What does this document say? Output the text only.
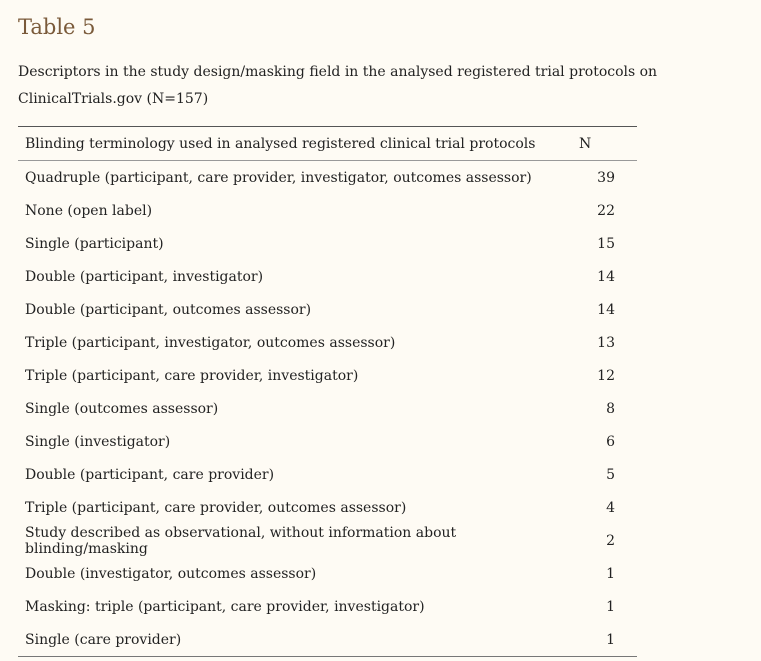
Table 5

Descriptors in the study design/masking field in the analysed registered trial protocols on ClinicalTrials.gov (N=157)

Blinding terminology used in analysed registered clinical trial protocols	N
Quadruple (participant, care provider, investigator, outcomes assessor)	39
None (open label)	22
Single (participant)	15
Double (participant, investigator)	14
Double (participant, outcomes assessor)	14
Triple (participant, investigator, outcomes assessor)	13
Triple (participant, care provider, investigator)	12
Single (outcomes assessor)	8
Single (investigator)	6
Double (participant, care provider)	5
Triple (participant, care provider, outcomes assessor)	4
Study described as observational, without information about blinding/masking	2
Double (investigator, outcomes assessor)	1
Masking: triple (participant, care provider, investigator)	1
Single (care provider)	1
